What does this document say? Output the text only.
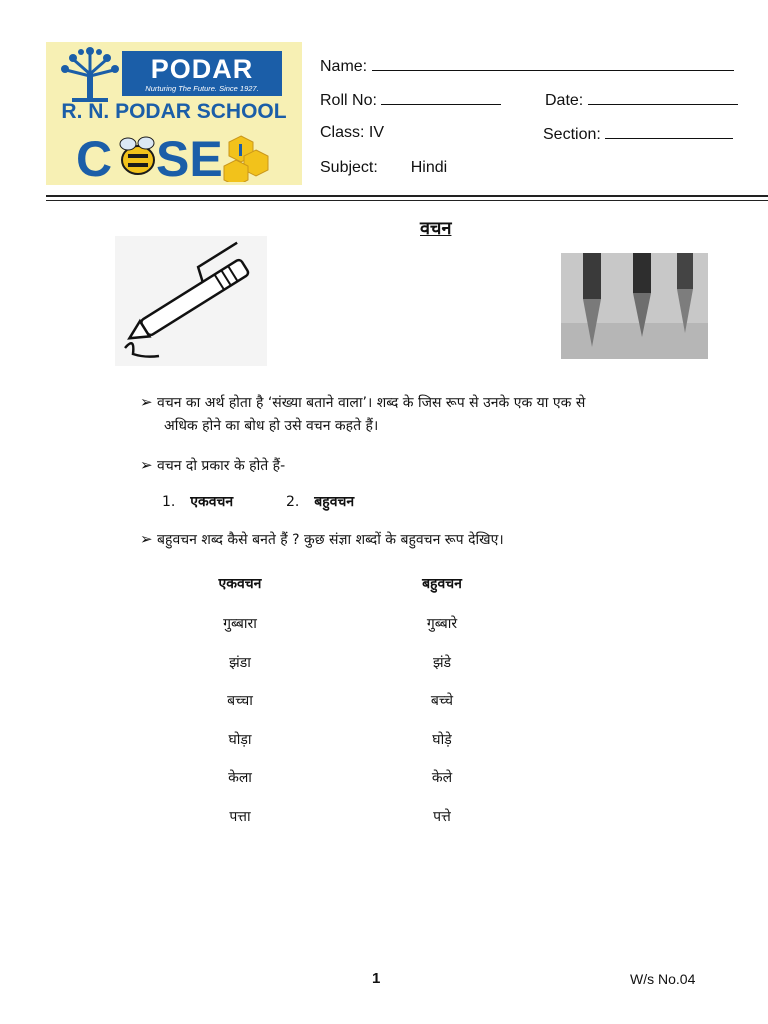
PODAR
Nurturing The Future. Since 1927.
R. N. PODAR SCHOOL
C SE
Name:
Roll No:	Date:
Class: IV	Section:
Subject: Hindi
वचन
➢ वचन का अर्थ होता है ‘संख्या बताने वाला’। शब्द के जिस रूप से उनके एक या एक से
अधिक होने का बोध हो उसे वचन कहते हैं।
➢ वचन दो प्रकार के होते हैं-
1. एकवचन	2. बहुवचन
➢ बहुवचन शब्द कैसे बनते हैं ? कुछ संज्ञा शब्दों के बहुवचन रूप देखिए।
एकवचन	बहुवचन
गुब्बारा	गुब्बारे
झंडा	झंडे
बच्चा	बच्चे
घोड़ा	घोड़े
केला	केले
पत्ता	पत्ते
1	W/s No.04
